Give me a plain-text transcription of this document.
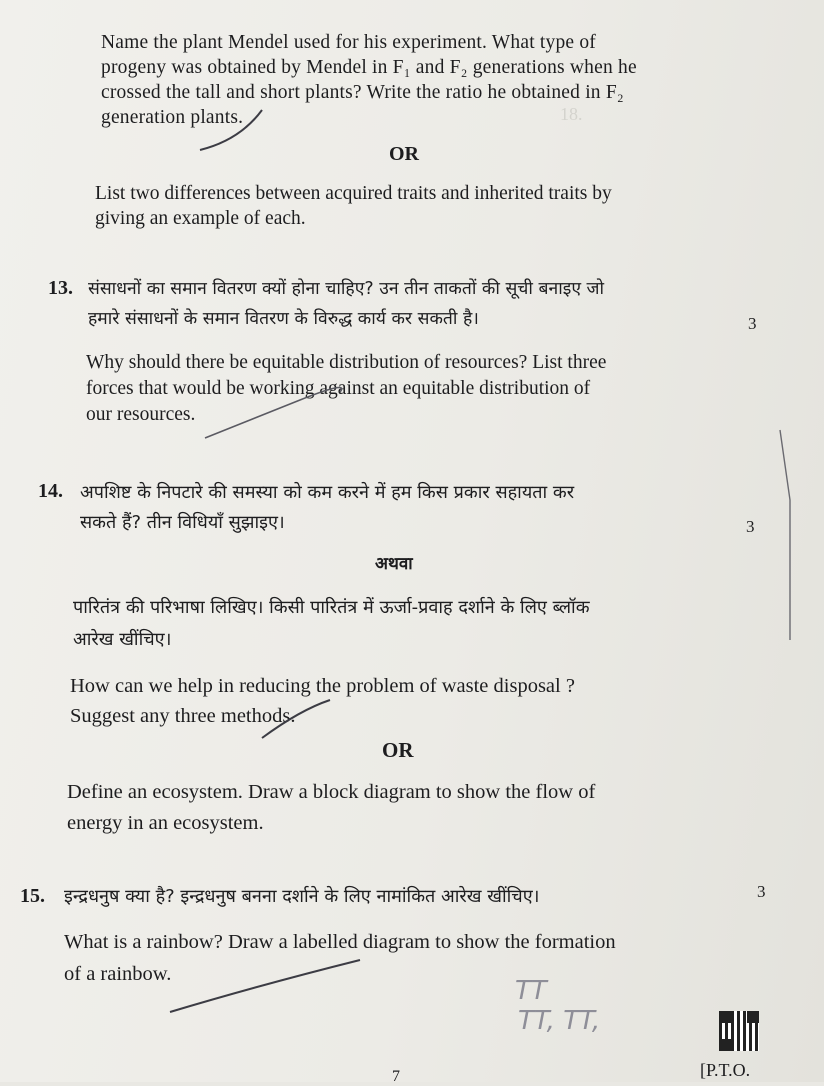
18.
Name the plant Mendel used for his experiment. What type of
progeny was obtained by Mendel in F₁ and F₂ generations when he
crossed the tall and short plants? Write the ratio he obtained in F₂
generation plants.
OR
List two differences between acquired traits and inherited traits by
giving an example of each.
13. संसाधनों का समान वितरण क्यों होना चाहिए? उन तीन ताकतों की सूची बनाइए जो
हमारे संसाधनों के समान वितरण के विरुद्ध कार्य कर सकती है।	3
Why should there be equitable distribution of resources? List three
forces that would be working against an equitable distribution of
our resources.
14. अपशिष्ट के निपटारे की समस्या को कम करने में हम किस प्रकार सहायता कर
सकते हैं? तीन विधियाँ सुझाइए।	3
अथवा
पारितंत्र की परिभाषा लिखिए। किसी पारितंत्र में ऊर्जा-प्रवाह दर्शाने के लिए ब्लॉक
आरेख खींचिए।
How can we help in reducing the problem of waste disposal ?
Suggest any three methods.
OR
Define an ecosystem. Draw a block diagram to show the flow of
energy in an ecosystem.
15. इन्द्रधनुष क्या है? इन्द्रधनुष बनना दर्शाने के लिए नामांकित आरेख खींचिए।	3
What is a rainbow? Draw a labelled diagram to show the formation
of a rainbow.
TT
TT, TT,
7	[P.T.O.
